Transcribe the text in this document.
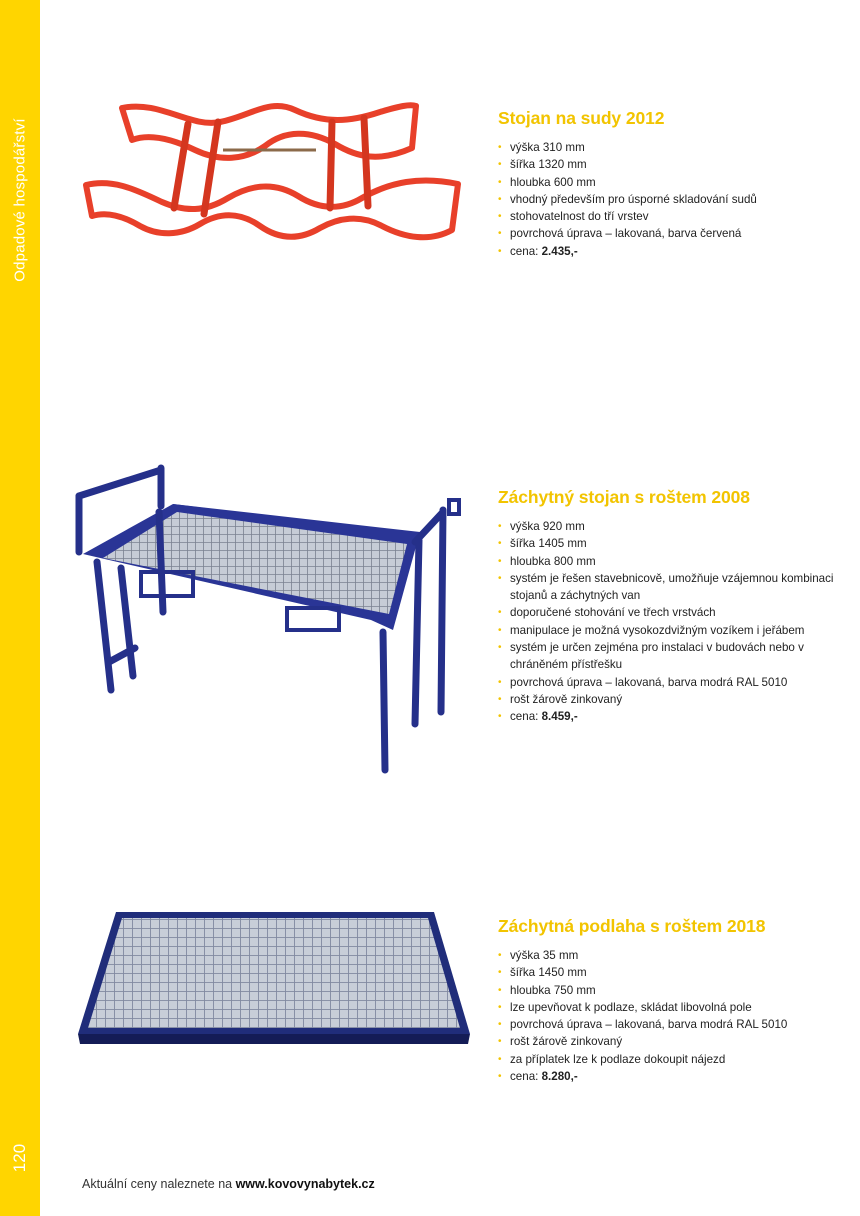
Odpadové hospodářství
120
Stojan na sudy 2012
• výška 310 mm
• šířka 1320 mm
• hloubka 600 mm
• vhodný především pro úsporné skladování sudů
• stohovatelnost do tří vrstev
• povrchová úprava – lakovaná, barva červená
• cena: 2.435,-
Záchytný stojan s roštem 2008
• výška 920 mm
• šířka 1405 mm
• hloubka 800 mm
• systém je řešen stavebnicově, umožňuje vzájemnou kombinaci stojanů a záchytných van
• doporučené stohování ve třech vrstvách
• manipulace je možná vysokozdvižným vozíkem i jeřábem
• systém je určen zejména pro instalaci v budovách nebo v chráněném přístřešku
• povrchová úprava – lakovaná, barva modrá RAL 5010
• rošt žárově zinkovaný
• cena: 8.459,-
Záchytná podlaha s roštem 2018
• výška 35 mm
• šířka 1450 mm
• hloubka 750 mm
• lze upevňovat k podlaze, skládat libovolná pole
• povrchová úprava – lakovaná, barva modrá RAL 5010
• rošt žárově zinkovaný
• za příplatek lze k podlaze dokoupit nájezd
• cena: 8.280,-
Aktuální ceny naleznete na www.kovovynabytek.cz
